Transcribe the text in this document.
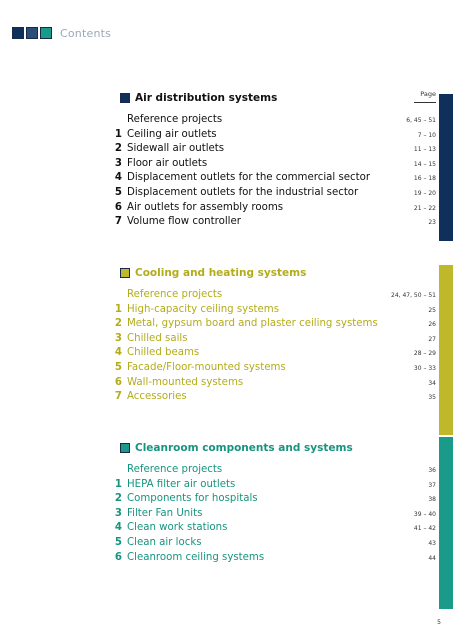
Contents
Air distribution systems	Page
Reference projects	6, 45 – 51
1 Ceiling air outlets	7 – 10
2 Sidewall air outlets	11 – 13
3 Floor air outlets	14 – 15
4 Displacement outlets for the commercial sector	16 – 18
5 Displacement outlets for the industrial sector	19 – 20
6 Air outlets for assembly rooms	21 – 22
7 Volume flow controller	23
Cooling and heating systems
Reference projects	24, 47, 50 – 51
1 High-capacity ceiling systems	25
2 Metal, gypsum board and plaster ceiling systems	26
3 Chilled sails	27
4 Chilled beams	28 – 29
5 Facade/Floor-mounted systems	30 – 33
6 Wall-mounted systems	34
7 Accessories	35
Cleanroom components and systems
Reference projects	36
1 HEPA filter air outlets	37
2 Components for hospitals	38
3 Filter Fan Units	39 – 40
4 Clean work stations	41 – 42
5 Clean air locks	43
6 Cleanroom ceiling systems	44
5
